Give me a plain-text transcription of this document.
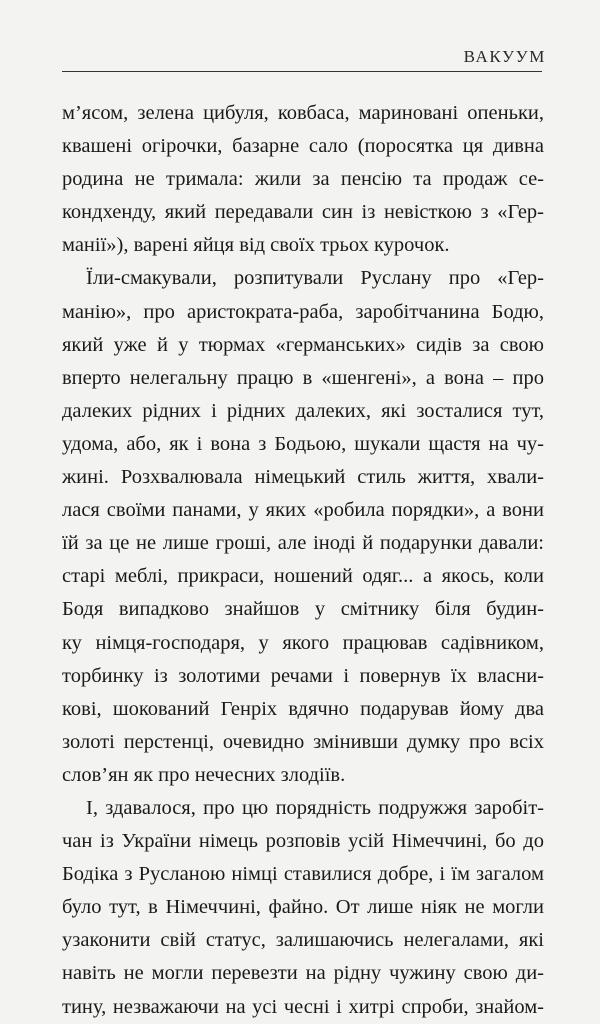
ВАКУУМ
м’ясом, зелена цибуля, ковбаса, мариновані опеньки,
квашені огірочки, базарне сало (поросятка ця дивна
родина не тримала: жили за пенсію та продаж се-
кондхенду, який передавали син із невісткою з «Гер-
манії»), варені яйця від своїх трьох курочок.
Їли-смакували, розпитували Руслану про «Гер-
манію», про аристократа-раба, заробітчанина Бодю,
який уже й у тюрмах «германських» сидів за свою
вперто нелегальну працю в «шенгені», а вона – про
далеких рідних і рідних далеких, які зосталися тут,
удома, або, як і вона з Бодьою, шукали щастя на чу-
жині. Розхвалювала німецький стиль життя, хвали-
лася своїми панами, у яких «робила порядки», а вони
їй за це не лише гроші, але іноді й подарунки давали:
старі меблі, прикраси, ношений одяг... а якось, коли
Бодя випадково знайшов у смітнику біля будин-
ку німця-господаря, у якого працював садівником,
торбинку із золотими речами і повернув їх власни-
кові, шокований Генріх вдячно подарував йому два
золоті перстенці, очевидно змінивши думку про всіх
слов’ян як про нечесних злодіїв.
І, здавалося, про цю порядність подружжя заробіт-
чан із України німець розповів усій Німеччині, бо до
Бодіка з Русланою німці ставилися добре, і їм загалом
було тут, в Німеччині, файно. От лише ніяк не могли
узаконити свій статус, залишаючись нелегалами, які
навіть не могли перевезти на рідну чужину свою ди-
тину, незважаючи на усі чесні і хитрі спроби, знайом-
